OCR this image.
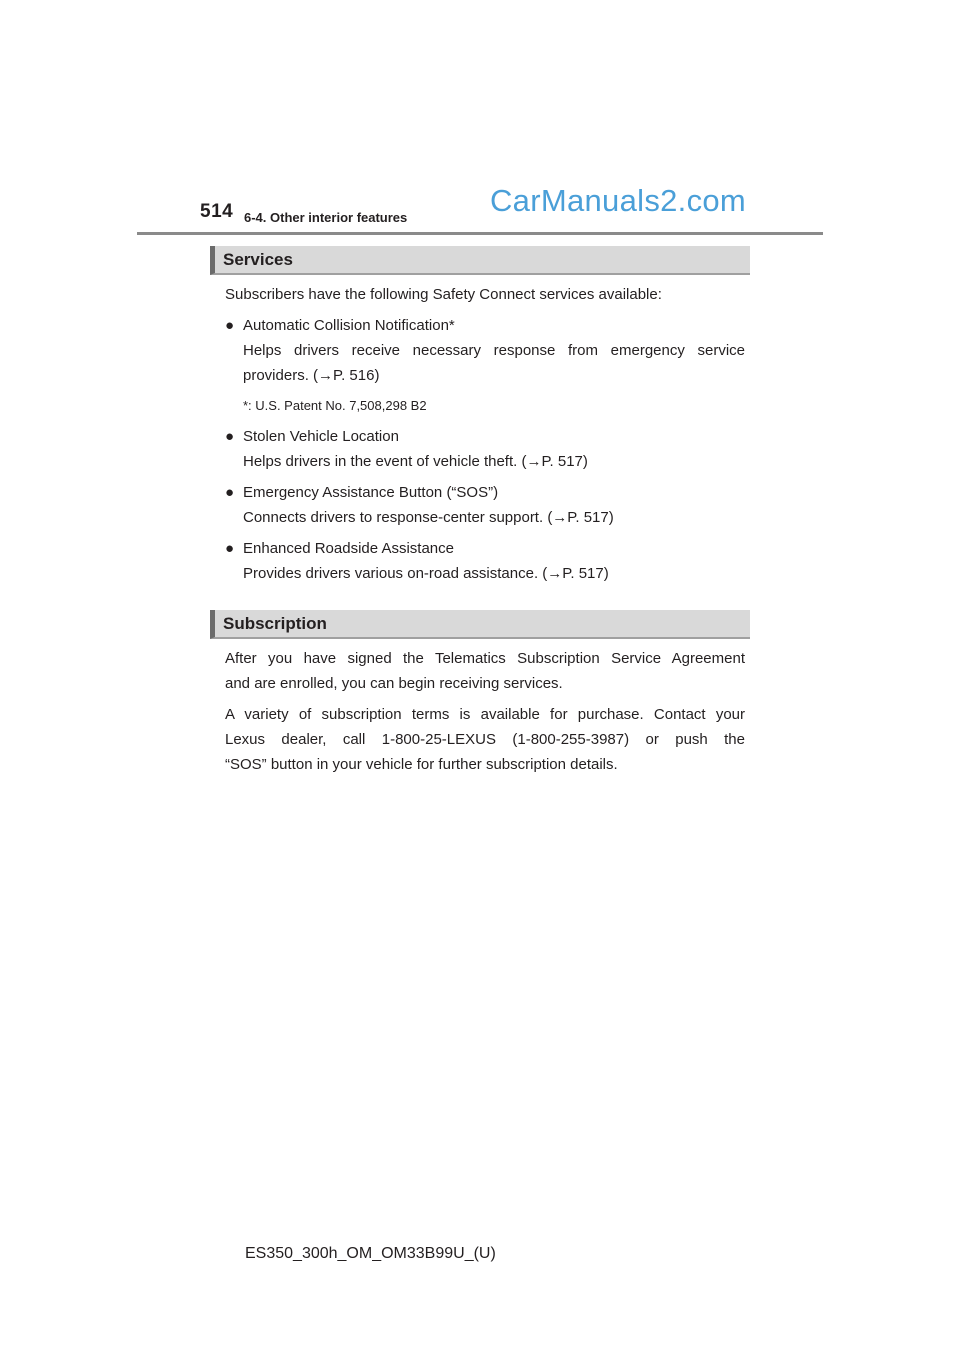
514 6-4. Other interior features	CarManuals2.com
Services
Subscribers have the following Safety Connect services available:
● Automatic Collision Notification*
Helps drivers receive necessary response from emergency service
providers. (→P. 516)
*: U.S. Patent No. 7,508,298 B2
● Stolen Vehicle Location
Helps drivers in the event of vehicle theft. (→P. 517)
● Emergency Assistance Button (“SOS”)
Connects drivers to response-center support. (→P. 517)
● Enhanced Roadside Assistance
Provides drivers various on-road assistance. (→P. 517)
Subscription
After you have signed the Telematics Subscription Service Agreement
and are enrolled, you can begin receiving services.
A variety of subscription terms is available for purchase. Contact your
Lexus dealer, call 1-800-25-LEXUS (1-800-255-3987) or push the
“SOS” button in your vehicle for further subscription details.
ES350_300h_OM_OM33B99U_(U)
